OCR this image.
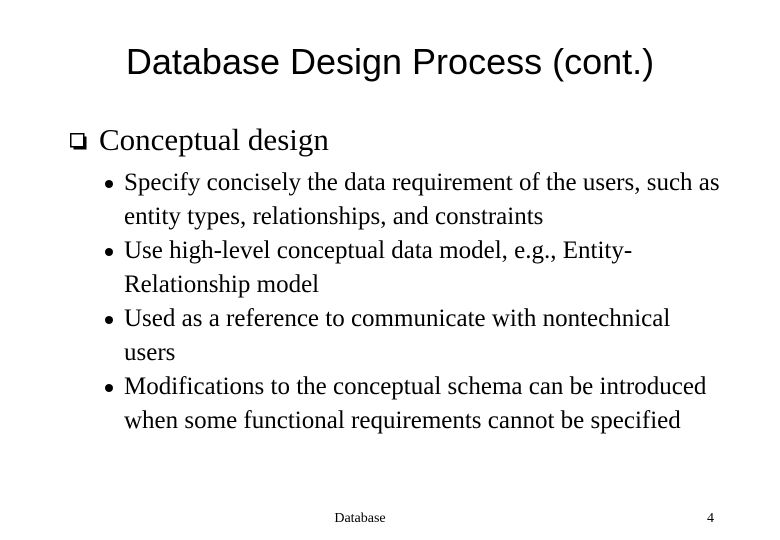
Database Design Process (cont.)
Conceptual design
Specify concisely the data requirement of the users, such as entity types, relationships, and constraints
Use high-level conceptual data model, e.g., Entity-Relationship model
Used as a reference to communicate with nontechnical users
Modifications to the conceptual schema can be introduced when some functional requirements cannot be specified
Database	4
